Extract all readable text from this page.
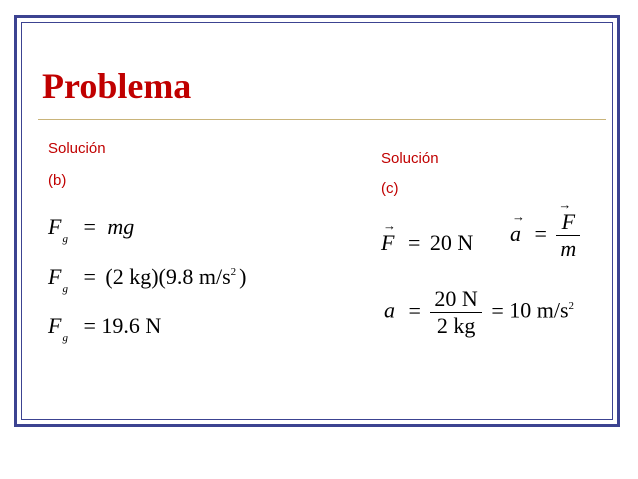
Problema
Solución
(b)
$F_g$ = mg
$F_g = (2$ kg)(9.8 $m/s^2$ )
$F_g = 19.6$ N
Solución
(c)
→ F = 20 N → a = → $\frac{F}{m}$
$a = \frac{20 N}{2 kg} = 10$ $m/s^2$
